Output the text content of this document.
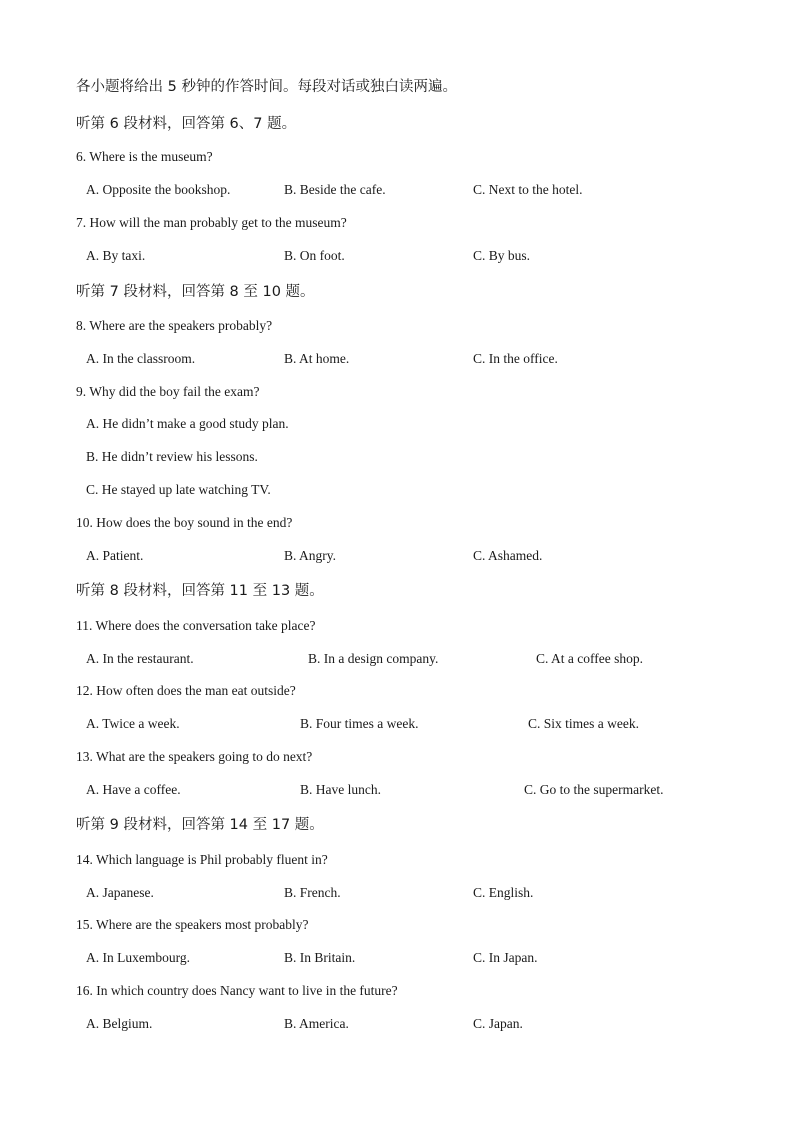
各小题将给出 5 秒钟的作答时间。每段对话或独白读两遍。
听第 6 段材料，回答第 6、7 题。
6. Where is the museum?
A. Opposite the bookshop.	B. Beside the cafe.	C. Next to the hotel.
7. How will the man probably get to the museum?
A. By taxi.	B. On foot.	C. By bus.
听第 7 段材料，回答第 8 至 10 题。
8. Where are the speakers probably?
A. In the classroom.	B. At home.	C. In the office.
9. Why did the boy fail the exam?
A. He didn’t make a good study plan.
B. He didn’t review his lessons.
C. He stayed up late watching TV.
10. How does the boy sound in the end?
A. Patient.	B. Angry.	C. Ashamed.
听第 8 段材料，回答第 11 至 13 题。
11. Where does the conversation take place?
A. In the restaurant.	B. In a design company.	C. At a coffee shop.
12. How often does the man eat outside?
A. Twice a week.	B. Four times a week.	C. Six times a week.
13. What are the speakers going to do next?
A. Have a coffee.	B. Have lunch.	C. Go to the supermarket.
听第 9 段材料，回答第 14 至 17 题。
14. Which language is Phil probably fluent in?
A. Japanese.	B. French.	C. English.
15. Where are the speakers most probably?
A. In Luxembourg.	B. In Britain.	C. In Japan.
16. In which country does Nancy want to live in the future?
A. Belgium.	B. America.	C. Japan.
